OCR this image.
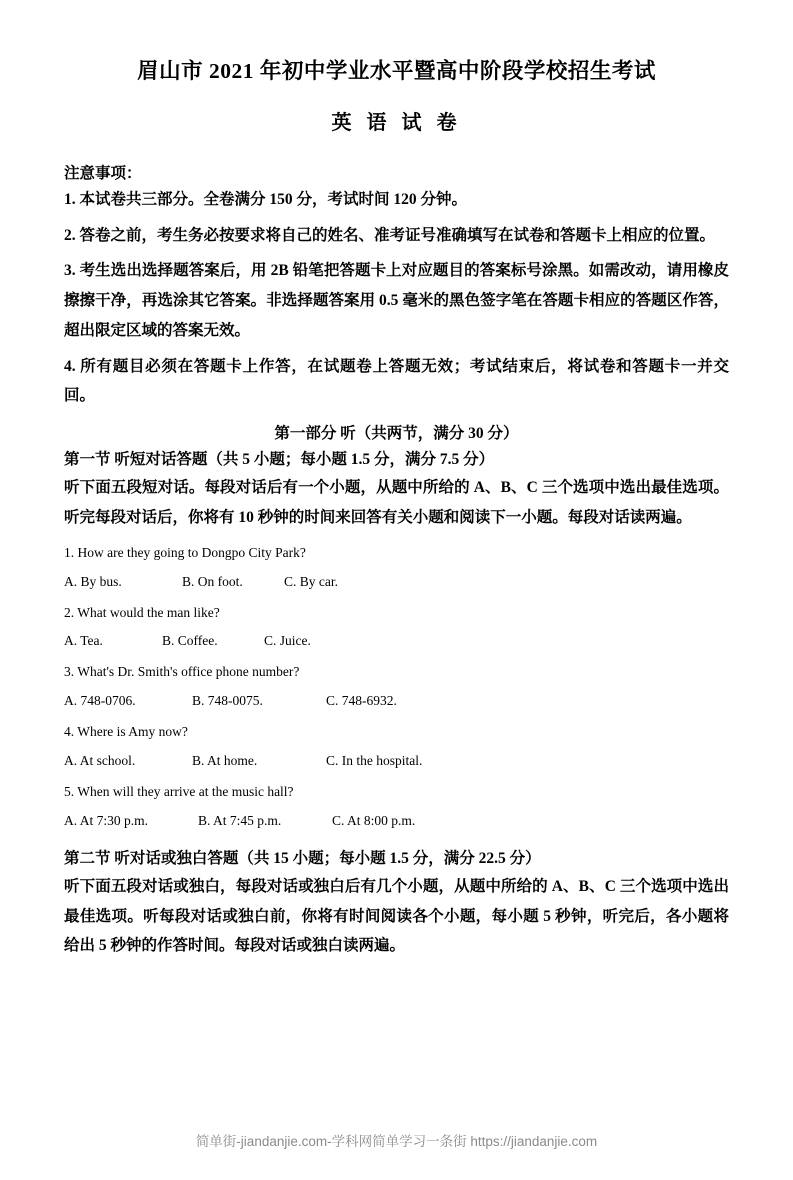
眉山市 2021 年初中学业水平暨高中阶段学校招生考试
英 语 试 卷
注意事项：

1. 本试卷共三部分。全卷满分 150 分，考试时间 120 分钟。

2. 答卷之前，考生务必按要求将自己的姓名、准考证号准确填写在试卷和答题卡上相应的位置。

3. 考生选出选择题答案后，用 2B 铅笔把答题卡上对应题目的答案标号涂黑。如需改动，请用橡皮擦擦干净，再选涂其它答案。非选择题答案用 0.5 毫米的黑色签字笔在答题卡相应的答题区作答，超出限定区域的答案无效。

4. 所有题目必须在答题卡上作答，在试题卷上答题无效；考试结束后，将试卷和答题卡一并交回。

第一部分 听（共两节，满分 30 分）
第一节 听短对话答题（共 5 小题；每小题 1.5 分，满分 7.5 分）

听下面五段短对话。每段对话后有一个小题，从题中所给的 A、B、C 三个选项中选出最佳选项。听完每段对话后，你将有 10 秒钟的时间来回答有关小题和阅读下一小题。每段对话读两遍。

1. How are they going to Dongpo City Park?

A. By bus.	B. On foot.	C. By car.

2. What would the man like?

A. Tea.	B. Coffee.	C. Juice.

3. What's Dr. Smith's office phone number?

A. 748-0706.	B. 748-0075.	C. 748-6932.

4. Where is Amy now?

A. At school.	B. At home.	C. In the hospital.

5. When will they arrive at the music hall?

A. At 7:30 p.m.	B. At 7:45 p.m.	C. At 8:00 p.m.

第二节 听对话或独白答题（共 15 小题；每小题 1.5 分，满分 22.5 分）

听下面五段对话或独白，每段对话或独白后有几个小题，从题中所给的 A、B、C 三个选项中选出最佳选项。听每段对话或独白前，你将有时间阅读各个小题，每小题 5 秒钟，听完后，各小题将给出 5 秒钟的作答时间。每段对话或独白读两遍。

简单街-jiandanjie.com-学科网简单学习一条街 https://jiandanjie.com
